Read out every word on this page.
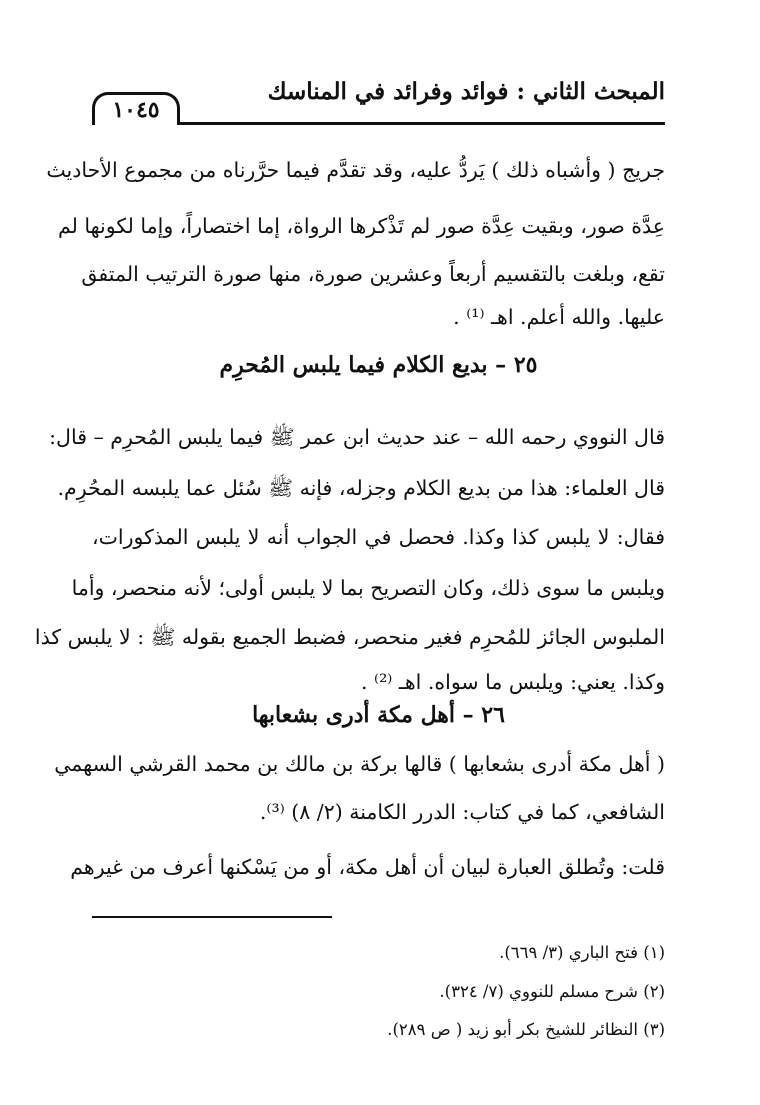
المبحث الثاني : فوائد وفرائد في المناسك
١٠٤٥
جريج ( وأشباه ذلك ) يَردُّ عليه، وقد تقدَّم فيما حرَّرناه من مجموع الأحاديث
عِدَّة صور، وبقيت عِدَّة صور لم تَذْكرها الرواة، إما اختصاراً، وإما لكونها لم
تقع، وبلغت بالتقسيم أربعاً وعشرين صورة، منها صورة الترتيب المتفق
عليها. والله أعلم. اهـ ⁽¹⁾ .
٢٥ – بديع الكلام فيما يلبس المُحرِم
قال النووي رحمه الله – عند حديث ابن عمر ﷺ فيما يلبس المُحرِم – قال:
قال العلماء: هذا من بديع الكلام وجزله، فإنه ﷺ سُئل عما يلبسه المحُرِم.
فقال: لا يلبس كذا وكذا. فحصل في الجواب أنه لا يلبس المذكورات،
ويلبس ما سوى ذلك، وكان التصريح بما لا يلبس أولى؛ لأنه منحصر، وأما
الملبوس الجائز للمُحرِم فغير منحصر، فضبط الجميع بقوله ﷺ : لا يلبس كذا
وكذا. يعني: ويلبس ما سواه. اهـ ⁽²⁾ .
٢٦ – أهل مكة أدرى بشعابها
( أهل مكة أدرى بشعابها ) قالها بركة بن مالك بن محمد القرشي السهمي
الشافعي، كما في كتاب: الدرر الكامنة (٢/ ٨) ⁽³⁾.
قلت: وتُطلق العبارة لبيان أن أهل مكة، أو من يَسْكنها أعرف من غيرهم
(١) فتح الباري (٣/ ٦٦٩).
(٢) شرح مسلم للنووي (٧/ ٣٢٤).
(٣) النظائر للشيخ بكر أبو زيد ( ص ٢٨٩).
